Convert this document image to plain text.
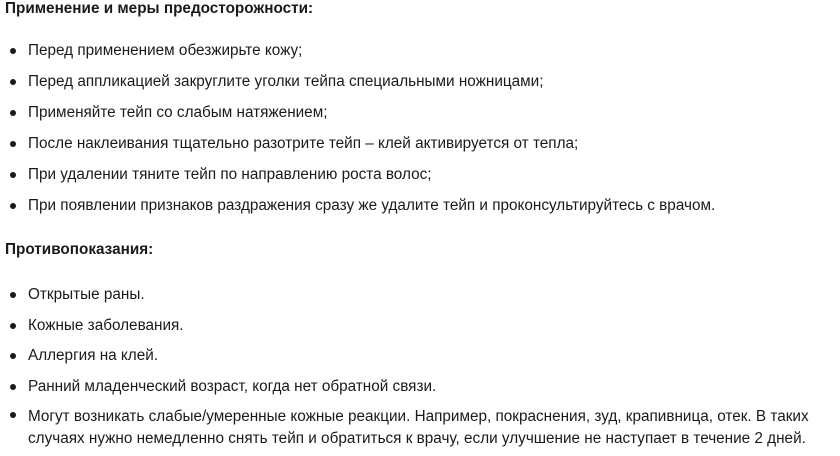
Применение и меры предосторожности:
Перед применением обезжирьте кожу;
Перед аппликацией закруглите уголки тейпа специальными ножницами;
Применяйте тейп со слабым натяжением;
После наклеивания тщательно разотрите тейп – клей активируется от тепла;
При удалении тяните тейп по направлению роста волос;
При появлении признаков раздражения сразу же удалите тейп и проконсультируйтесь с врачом.
Противопоказания:
Открытые раны.
Кожные заболевания.
Аллергия на клей.
Ранний младенческий возраст, когда нет обратной связи.
Могут возникать слабые/умеренные кожные реакции. Например, покраснения, зуд, крапивница, отек. В таких случаях нужно немедленно снять тейп и обратиться к врачу, если улучшение не наступает в течение 2 дней.
